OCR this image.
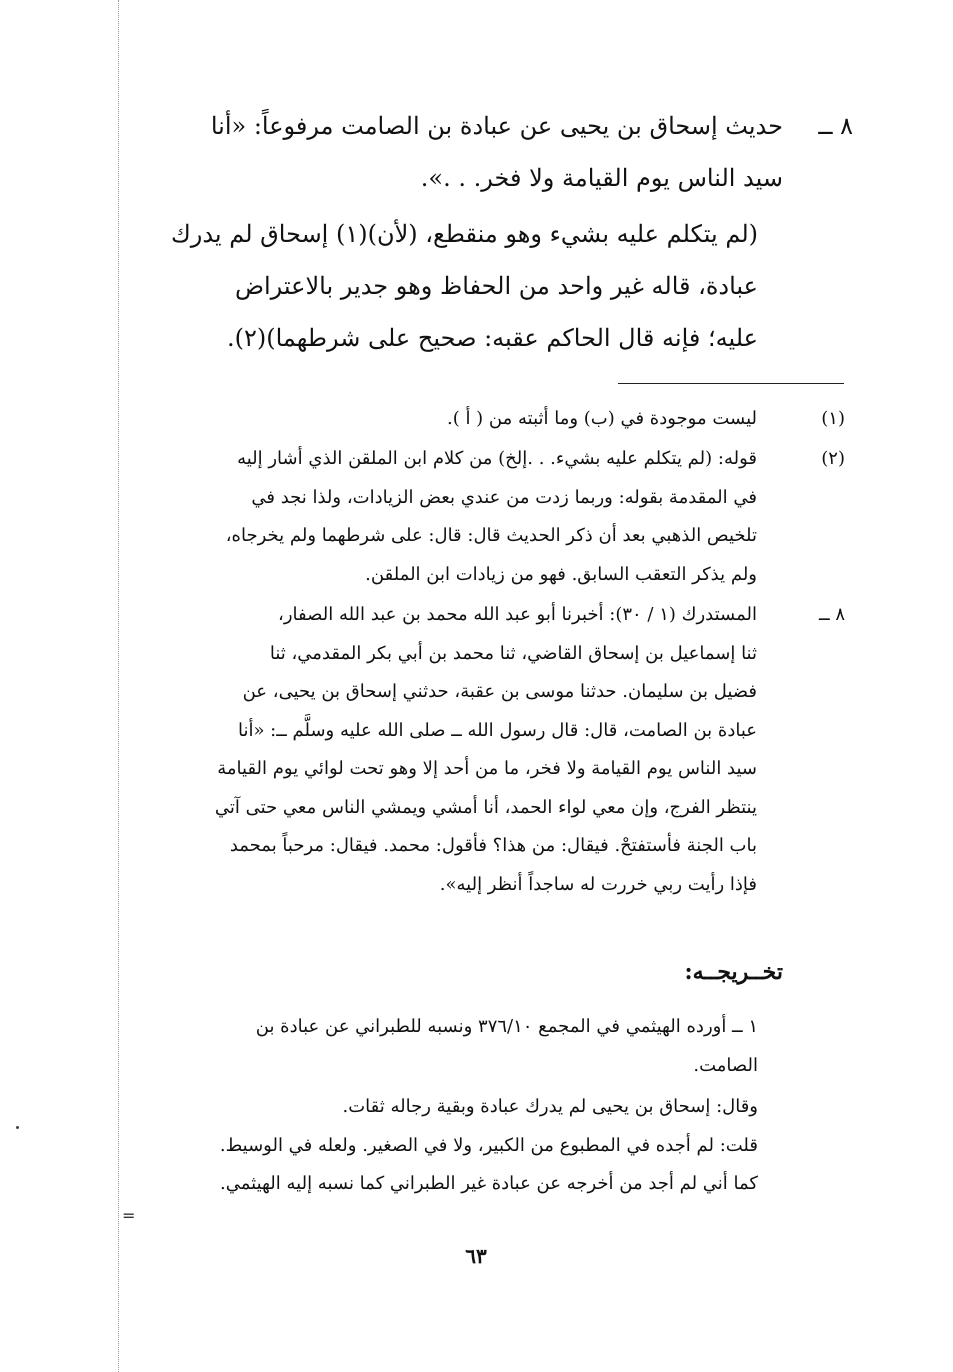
٨ ــ
حديث إسحاق بن يحيى عن عبادة بن الصامت مرفوعاً: «أنا
سيد الناس يوم القيامة ولا فخر. . .».
(لم يتكلم عليه بشيء وهو منقطع، (لأن)(١) إسحاق لم يدرك
عبادة، قاله غير واحد من الحفاظ وهو جدير بالاعتراض
عليه؛ فإنه قال الحاكم عقبه: صحيح على شرطهما)(٢).
(١)
ليست موجودة في (ب) وما أثبته من ( أ ).
(٢)
قوله: (لم يتكلم عليه بشيء. . .إلخ) من كلام ابن الملقن الذي أشار إليه
في المقدمة بقوله: وربما زدت من عندي بعض الزيادات، ولذا نجد في
تلخيص الذهبي بعد أن ذكر الحديث قال: قال: على شرطهما ولم يخرجاه،
ولم يذكر التعقب السابق. فهو من زيادات ابن الملقن.
٨ ــ
المستدرك (١ / ٣٠): أخبرنا أبو عبد الله محمد بن عبد الله الصفار،
ثنا إسماعيل بن إسحاق القاضي، ثنا محمد بن أبي بكر المقدمي، ثنا
فضيل بن سليمان. حدثنا موسى بن عقبة، حدثني إسحاق بن يحيى، عن
عبادة بن الصامت، قال: قال رسول الله ــ صلى الله عليه وسلَّم ــ: «أنا
سيد الناس يوم القيامة ولا فخر، ما من أحد إلا وهو تحت لوائي يوم القيامة
ينتظر الفرج، وإن معي لواء الحمد، أنا أمشي ويمشي الناس معي حتى آتي
باب الجنة فأستفتحْ. فيقال: من هذا؟ فأقول: محمد. فيقال: مرحباً بمحمد
فإذا رأيت ربي خررت له ساجداً أنظر إليه».
تخــريجــه:
١ ــ أورده الهيثمي في المجمع ٣٧٦/١٠ ونسبه للطبراني عن عبادة بن
الصامت.
وقال: إسحاق بن يحيى لم يدرك عبادة وبقية رجاله ثقات.
قلت: لم أجده في المطبوع من الكبير، ولا في الصغير. ولعله في الوسيط.
كما أني لم أجد من أخرجه عن عبادة غير الطبراني كما نسبه إليه الهيثمي.
=
٦٣
